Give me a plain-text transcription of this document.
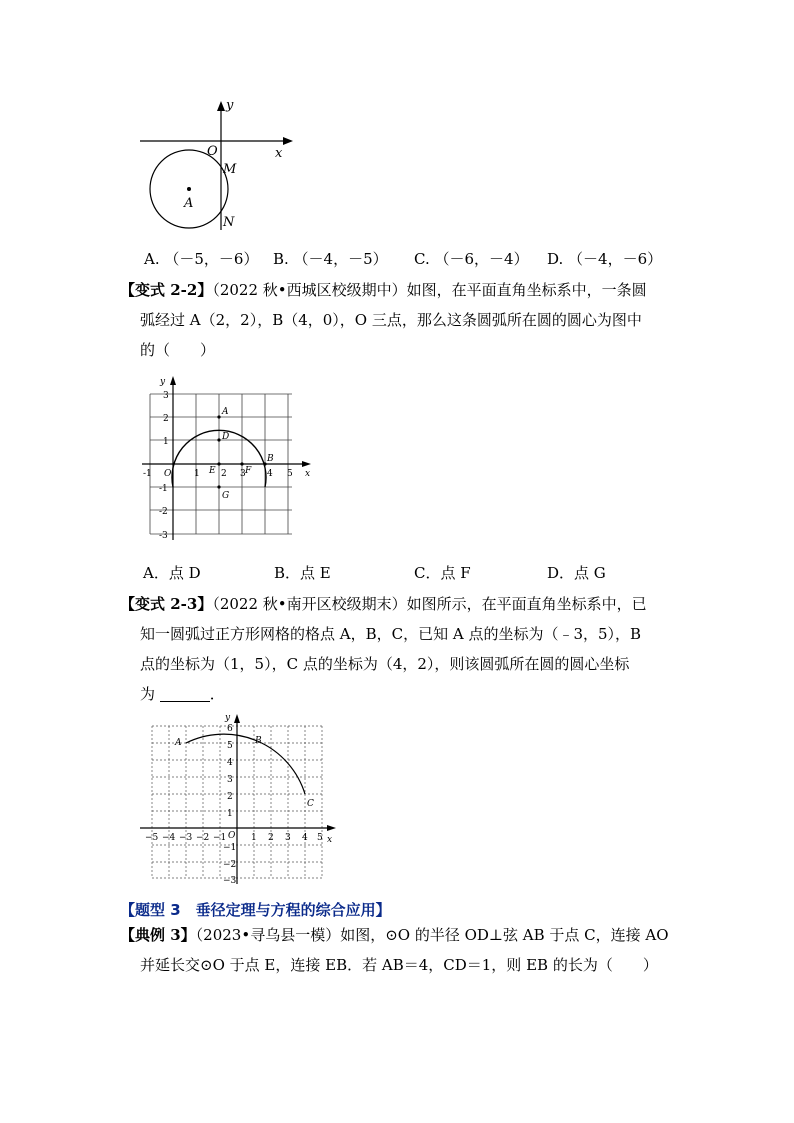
y
x
O
M
A
N
A. （－5，－6） B. （－4，－5） C. （－6，－4） D. （－4，－6）
【变式 2-2】（2022 秋•西城区校级期中）如图，在平面直角坐标系中，一条圆
弧经过 A（2，2），B（4，0），O 三点，那么这条圆弧所在圆的圆心为图中
的（　　）
y
x
3
2
1
-1
-2
-3
-1 O	1 2 3 4 5
A
D
E	F
B
G
A．点 D	B．点 E	C．点 F	D．点 G
【变式 2-3】（2022 秋•南开区校级期末）如图所示，在平面直角坐标系中，已
知一圆弧过正方形网格的格点 A，B，C，已知 A 点的坐标为（﹣3，5），B
点的坐标为（1，5），C 点的坐标为（4，2），则该圆弧所在圆的圆心坐标
为	．
y
x
6
5
4
3
2
1
−1
−2
−3
−5 −4 −3 −2 −1 O 1 2 3 4 5
A	B
C
【题型 3　垂径定理与方程的综合应用】
【典例 3】（2023•寻乌县一模）如图，⊙O 的半径 OD⊥弦 AB 于点 C，连接 AO
并延长交⊙O 于点 E，连接 EB．若 AB＝4，CD＝1，则 EB 的长为（　　）
